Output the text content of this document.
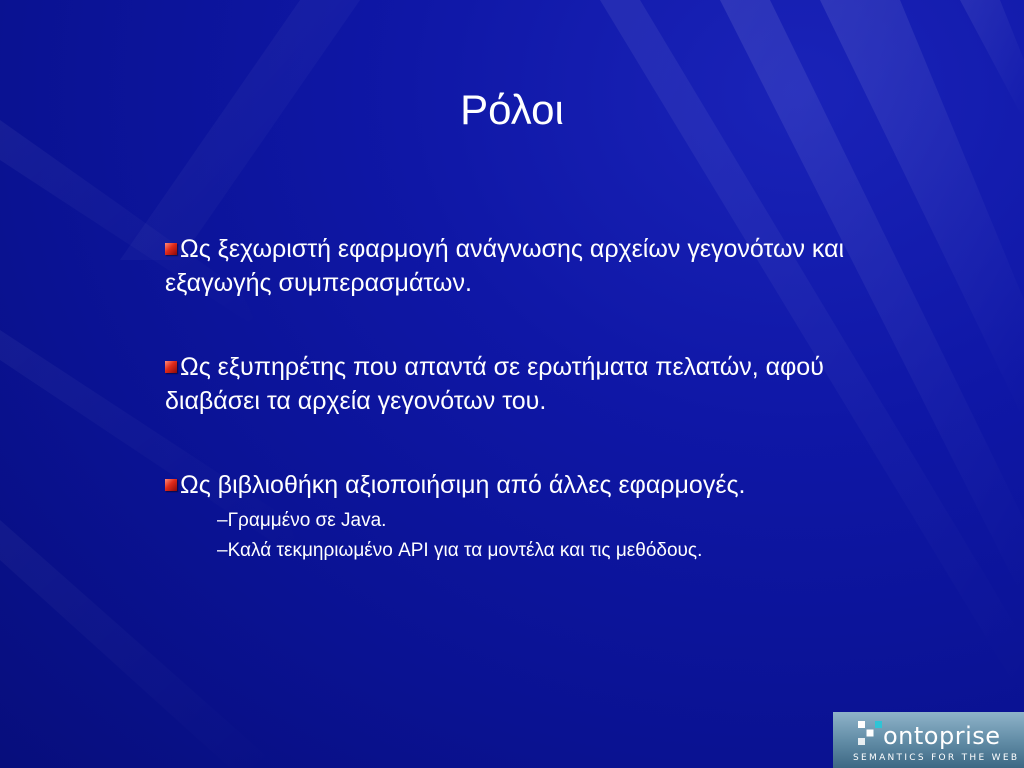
Ρόλοι
Ως ξεχωριστή εφαρμογή ανάγνωσης αρχείων γεγονότων και εξαγωγής συμπερασμάτων.
Ως εξυπηρέτης που απαντά σε ερωτήματα πελατών, αφού διαβάσει τα αρχεία γεγονότων του.
Ως βιβλιοθήκη αξιοποιήσιμη από άλλες εφαρμογές.
–Γραμμένο σε Java.
–Καλά τεκμηριωμένο API για τα μοντέλα και τις μεθόδους.
ontoprise
SEMANTICS FOR THE WEB
